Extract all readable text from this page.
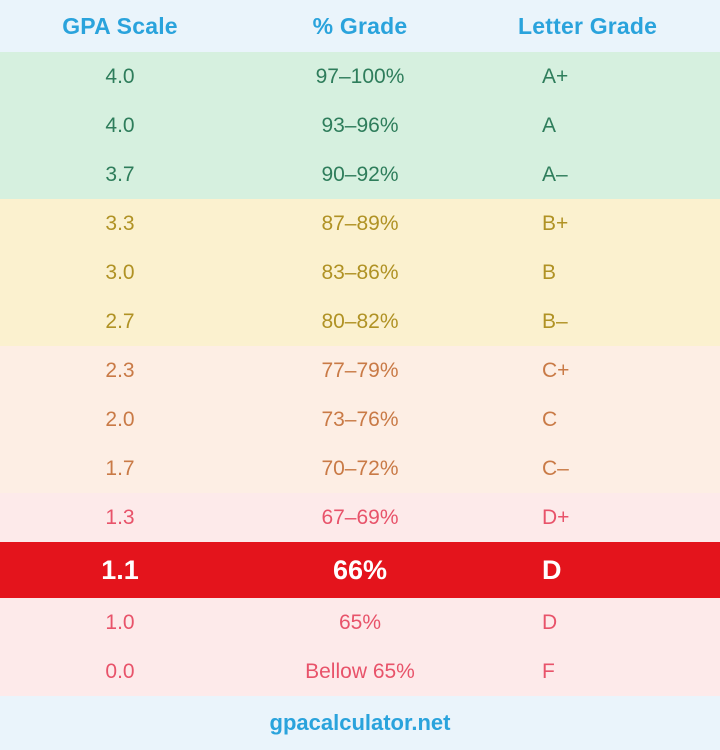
GPA Scale	% Grade	Letter Grade
4.0	97–100%	A+
4.0	93–96%	A
3.7	90–92%	A–
3.3	87–89%	B+
3.0	83–86%	B
2.7	80–82%	B–
2.3	77–79%	C+
2.0	73–76%	C
1.7	70–72%	C–
1.3	67–69%	D+
1.1	66%	D
1.0	65%	D
0.0	Bellow 65%	F
gpacalculator.net
